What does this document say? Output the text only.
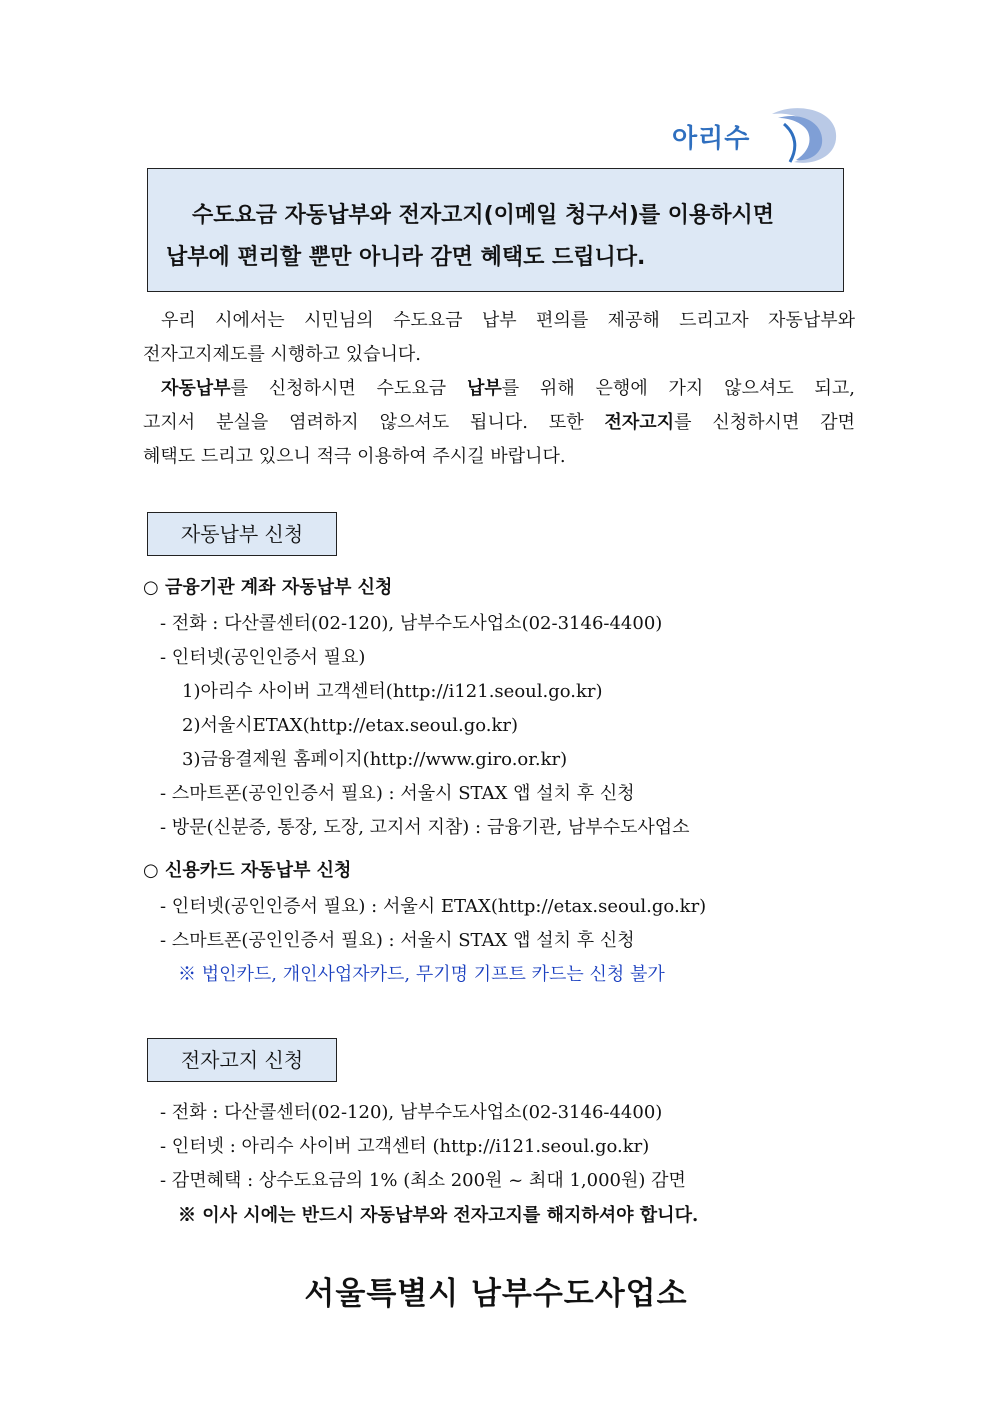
아리수
수도요금 자동납부와 전자고지(이메일 청구서)를 이용하시면
납부에 편리할 뿐만 아니라 감면 혜택도 드립니다.
우리 시에서는 시민님의 수도요금 납부 편의를 제공해 드리고자 자동납부와
전자고지제도를 시행하고 있습니다.
자동납부를 신청하시면 수도요금 납부를 위해 은행에 가지 않으셔도 되고,
고지서 분실을 염려하지 않으셔도 됩니다. 또한 전자고지를 신청하시면 감면
혜택도 드리고 있으니 적극 이용하여 주시길 바랍니다.
자동납부 신청
○ 금융기관 계좌 자동납부 신청
- 전화 : 다산콜센터(02-120), 남부수도사업소(02-3146-4400)
- 인터넷(공인인증서 필요)
1)아리수 사이버 고객센터(http://i121.seoul.go.kr)
2)서울시ETAX(http://etax.seoul.go.kr)
3)금융결제원 홈페이지(http://www.giro.or.kr)
- 스마트폰(공인인증서 필요) : 서울시 STAX 앱 설치 후 신청
- 방문(신분증, 통장, 도장, 고지서 지참) : 금융기관, 남부수도사업소
○ 신용카드 자동납부 신청
- 인터넷(공인인증서 필요) : 서울시 ETAX(http://etax.seoul.go.kr)
- 스마트폰(공인인증서 필요) : 서울시 STAX 앱 설치 후 신청
※ 법인카드, 개인사업자카드, 무기명 기프트 카드는 신청 불가
전자고지 신청
- 전화 : 다산콜센터(02-120), 남부수도사업소(02-3146-4400)
- 인터넷 : 아리수 사이버 고객센터 (http://i121.seoul.go.kr)
- 감면혜택 : 상수도요금의 1% (최소 200원 ~ 최대 1,000원) 감면
※ 이사 시에는 반드시 자동납부와 전자고지를 해지하셔야 합니다.
서울특별시 남부수도사업소
